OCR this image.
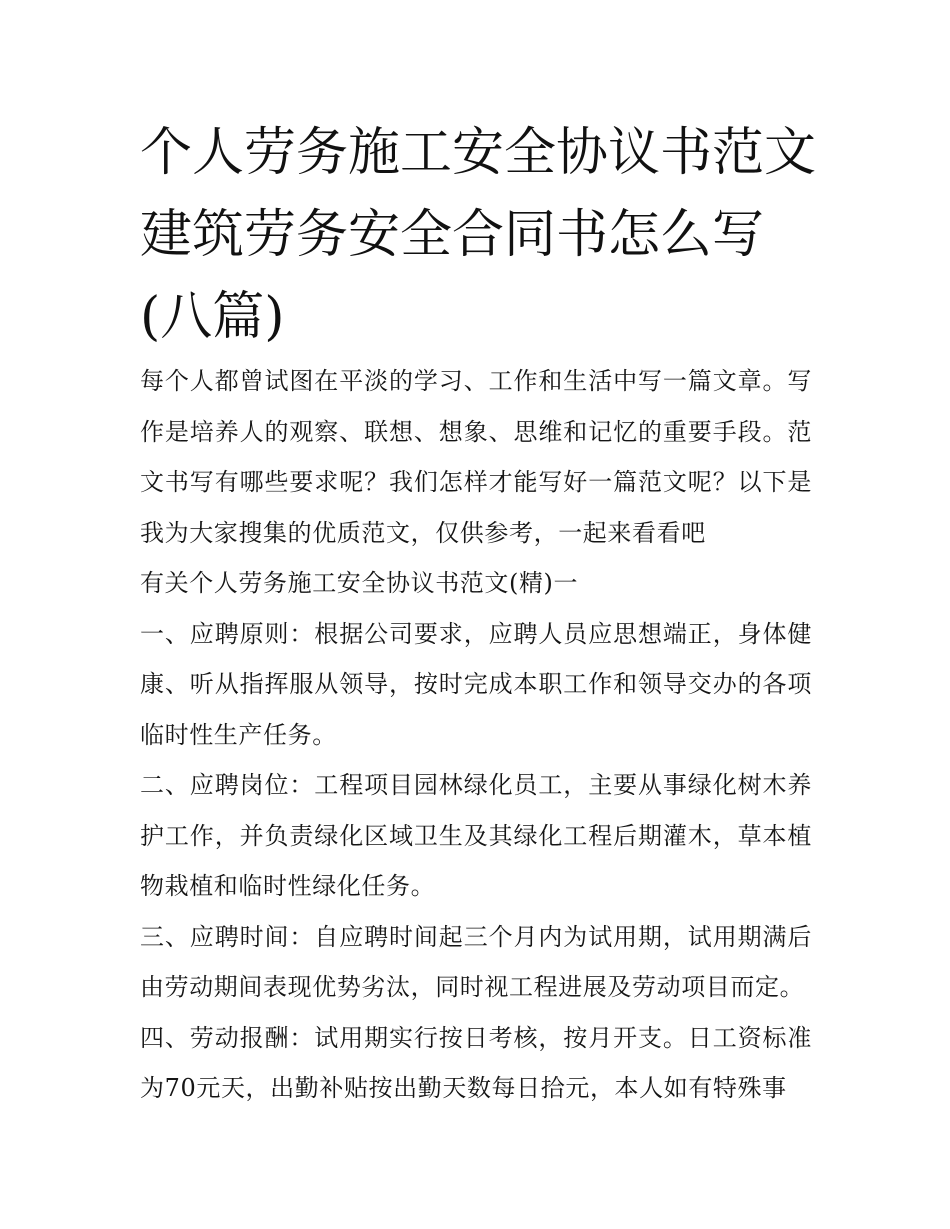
个人劳务施工安全协议书范文建筑劳务安全合同书怎么写(八篇)

每个人都曾试图在平淡的学习、工作和生活中写一篇文章。写作是培养人的观察、联想、想象、思维和记忆的重要手段。范文书写有哪些要求呢？我们怎样才能写好一篇范文呢？以下是我为大家搜集的优质范文，仅供参考，一起来看看吧

有关个人劳务施工安全协议书范文(精)一

一、应聘原则：根据公司要求，应聘人员应思想端正，身体健康、听从指挥服从领导，按时完成本职工作和领导交办的各项临时性生产任务。

二、应聘岗位：工程项目园林绿化员工，主要从事绿化树木养护工作，并负责绿化区域卫生及其绿化工程后期灌木，草本植物栽植和临时性绿化任务。

三、应聘时间：自应聘时间起三个月内为试用期，试用期满后由劳动期间表现优势劣汰，同时视工程进展及劳动项目而定。

四、劳动报酬：试用期实行按日考核，按月开支。日工资标准为70元天，出勤补贴按出勤天数每日拾元，本人如有特殊事
